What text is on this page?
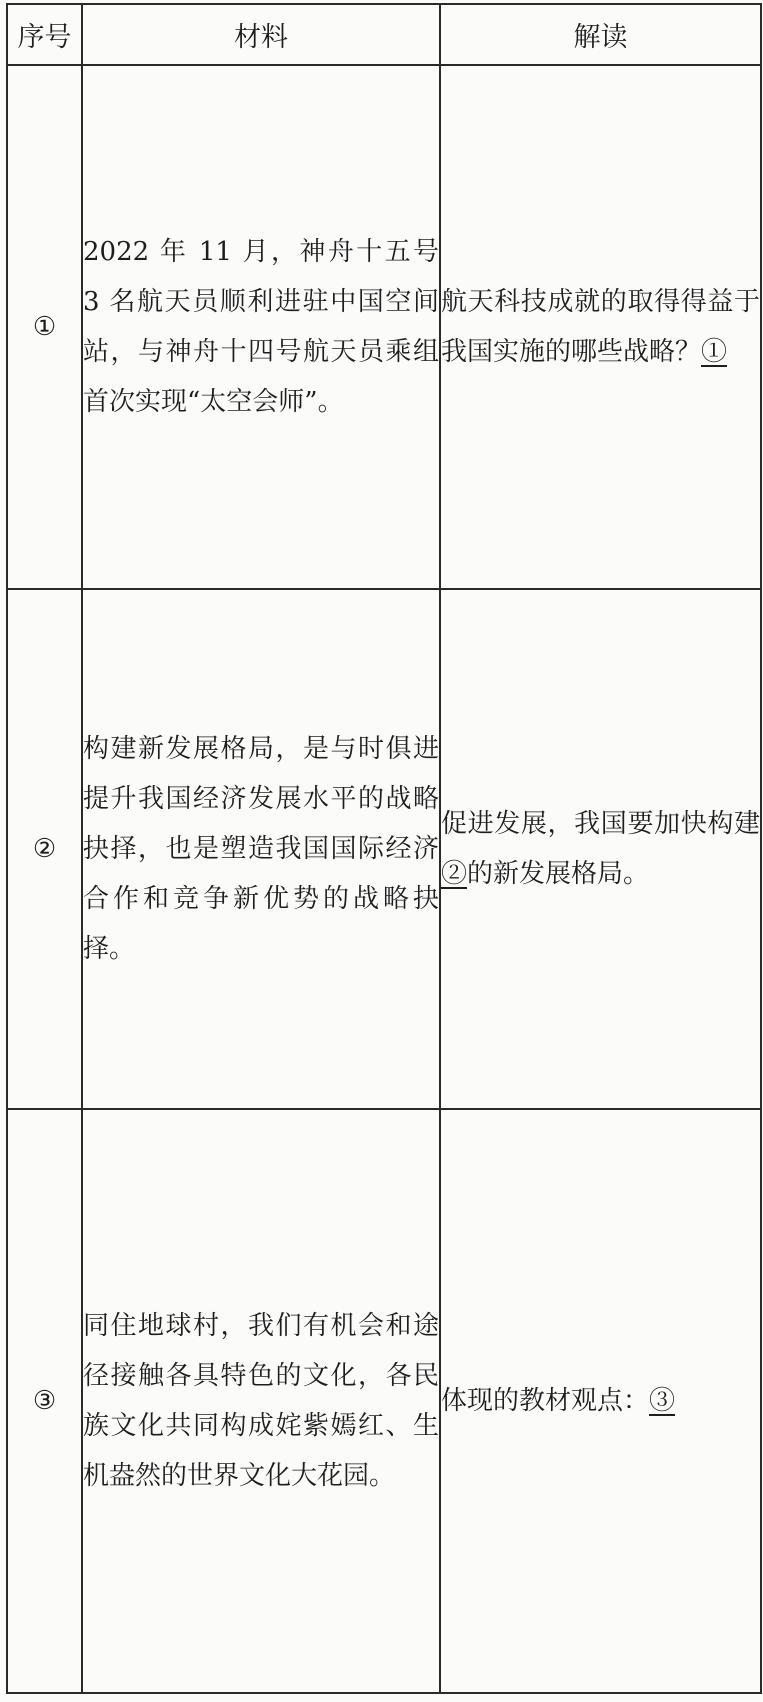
序号	材料	解读
①	2022 年 11 月，神舟十五号 3 名航天员顺利进驻中国空间站，与神舟十四号航天员乘组首次实现“太空会师”。	航天科技成就的取得得益于我国实施的哪些战略？①
②	构建新发展格局，是与时俱进提升我国经济发展水平的战略抉择，也是塑造我国国际经济合作和竞争新优势的战略抉择。	促进发展，我国要加快构建②的新发展格局。
③	同住地球村，我们有机会和途径接触各具特色的文化，各民族文化共同构成姹紫嫣红、生机盎然的世界文化大花园。	体现的教材观点：③
